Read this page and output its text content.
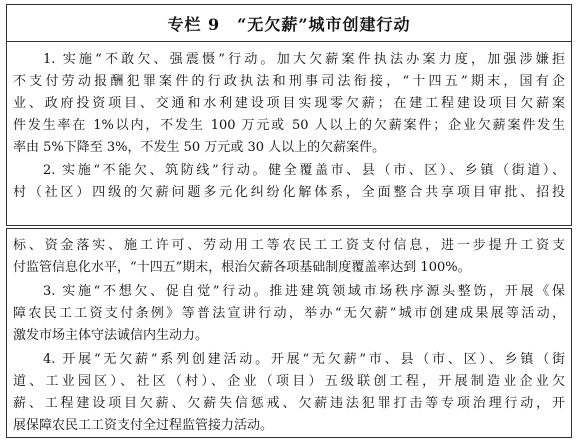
专栏 9　“无欠薪”城市创建行动
1. 实施“不敢欠、强震慑”行动。加大欠薪案件执法办案力度，加强涉嫌拒
不支付劳动报酬犯罪案件的行政执法和刑事司法衔接，“十四五”期末，国有企
业、政府投资项目、交通和水利建设项目实现零欠薪；在建工程建设项目欠薪案
件发生率在 1%以内，不发生 100 万元或 50 人以上的欠薪案件；企业欠薪案件发生
率由 5%下降至 3%，不发生 50 万元或 30 人以上的欠薪案件。
2. 实施“不能欠、筑防线”行动。健全覆盖市、县（市、区）、乡镇（街道）、
村（社区）四级的欠薪问题多元化纠纷化解体系，全面整合共享项目审批、招投
标、资金落实、施工许可、劳动用工等农民工工资支付信息，进一步提升工资支
付监管信息化水平，“十四五”期末，根治欠薪各项基础制度覆盖率达到 100%。
3. 实施“不想欠、促自觉”行动。推进建筑领域市场秩序源头整饬，开展《保
障农民工工资支付条例》等普法宣讲行动，举办“无欠薪”城市创建成果展等活动，
激发市场主体守法诚信内生动力。
4. 开展“无欠薪”系列创建活动。开展“无欠薪”市、县（市、区）、乡镇（街
道、工业园区）、社区（村）、企业（项目）五级联创工程，开展制造业企业欠
薪、工程建设项目欠薪、欠薪失信惩戒、欠薪违法犯罪打击等专项治理行动，开
展保障农民工工资支付全过程监管接力活动。
